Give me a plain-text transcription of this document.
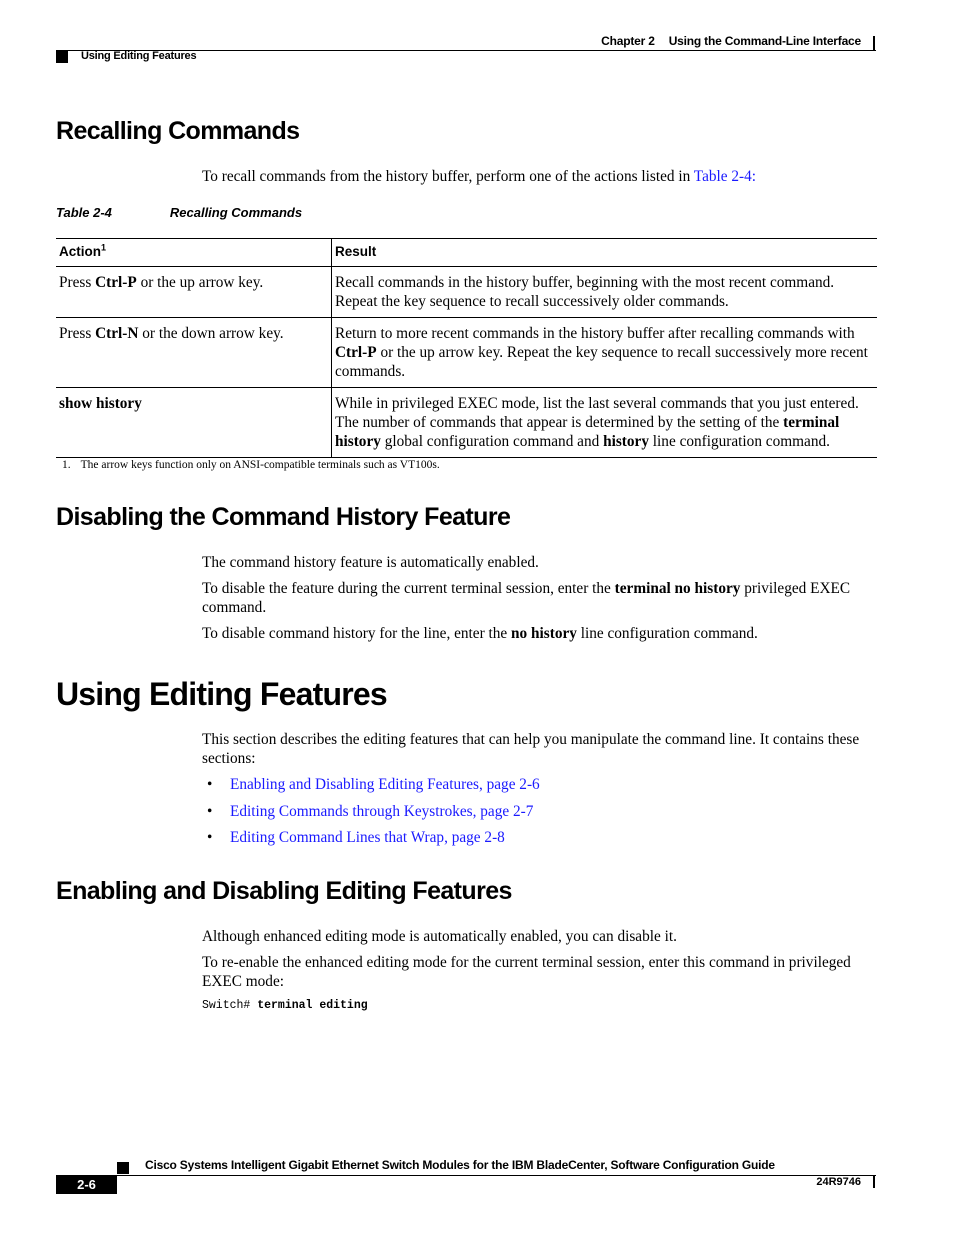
Chapter 2 Using the Command-Line Interface
Using Editing Features
Recalling Commands

To recall commands from the history buffer, perform one of the actions listed in Table 2-4:

Table 2-4	Recalling Commands
Action$^1$	Result
Press Ctrl-P or the up arrow key.	Recall commands in the history buffer, beginning with the most recent command. Repeat the key sequence to recall successively older commands.
Press Ctrl-N or the down arrow key.	Return to more recent commands in the history buffer after recalling commands with Ctrl-P or the up arrow key. Repeat the key sequence to recall successively more recent commands.
show history	While in privileged EXEC mode, list the last several commands that you just entered. The number of commands that appear is determined by the setting of the terminal history global configuration command and history line configuration command.
1. The arrow keys function only on ANSI-compatible terminals such as VT100s.
Disabling the Command History Feature

The command history feature is automatically enabled.

To disable the feature during the current terminal session, enter the terminal no history privileged EXEC command.

To disable command history for the line, enter the no history line configuration command.

Using Editing Features

This section describes the editing features that can help you manipulate the command line. It contains these sections:

• Enabling and Disabling Editing Features, page 2-6
• Editing Commands through Keystrokes, page 2-7
• Editing Command Lines that Wrap, page 2-8
Enabling and Disabling Editing Features

Although enhanced editing mode is automatically enabled, you can disable it.

To re-enable the enhanced editing mode for the current terminal session, enter this command in privileged EXEC mode:

Switch# terminal editing
Cisco Systems Intelligent Gigabit Ethernet Switch Modules for the IBM BladeCenter, Software Configuration Guide
2-6	24R9746
